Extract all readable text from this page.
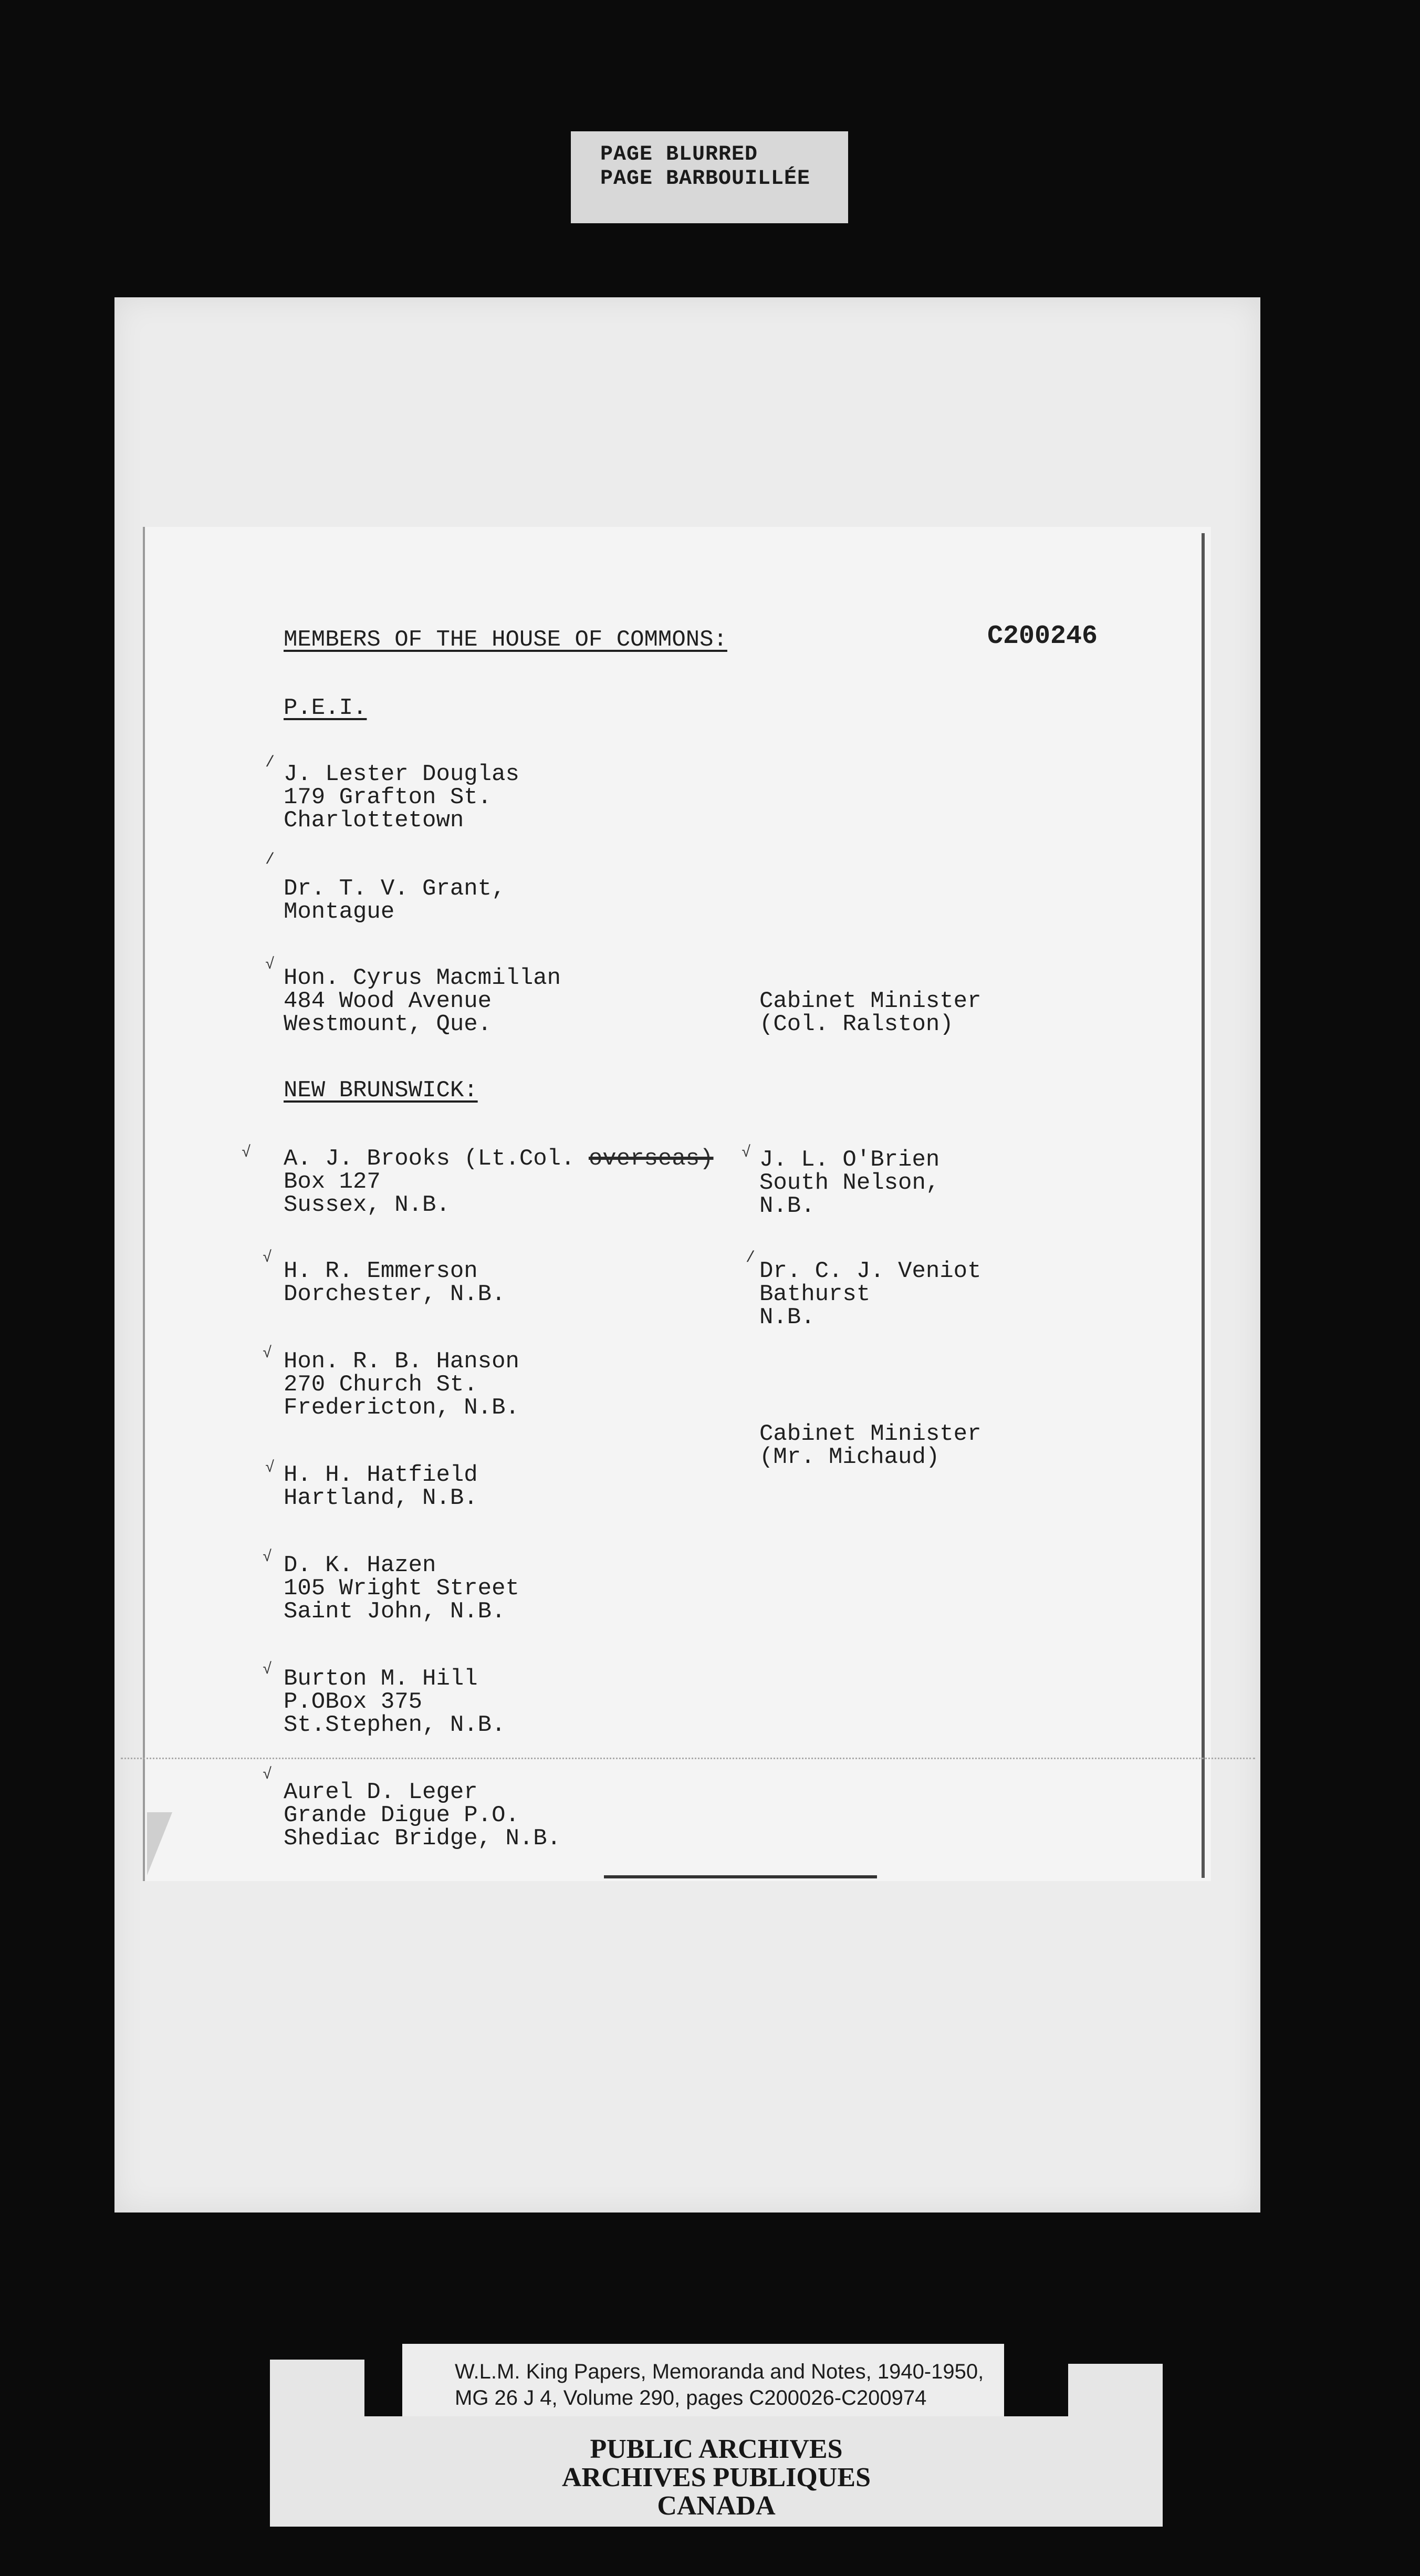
PAGE BLURRED
PAGE BARBOUILLÉE
MEMBERS OF THE HOUSE OF COMMONS:	C200246
P.E.I.
/ J. Lester Douglas
179 Grafton St.
Charlottetown
/
Dr. T. V. Grant,
Montague
√ Hon. Cyrus Macmillan
484 Wood Avenue
Westmount, Que.
Cabinet Minister
(Col. Ralston)
NEW BRUNSWICK:
√ A. J. Brooks (Lt.Col. overseas)
Box 127
Sussex, N.B.
√ J. L. O'Brien
South Nelson,
N.B.
√ H. R. Emmerson
Dorchester, N.B.
/ Dr. C. J. Veniot
Bathurst
N.B.
√ Hon. R. B. Hanson
270 Church St.
Fredericton, N.B.
Cabinet Minister
(Mr. Michaud)
√ H. H. Hatfield
Hartland, N.B.
√ D. K. Hazen
105 Wright Street
Saint John, N.B.
√ Burton M. Hill
P.OBox 375
St.Stephen, N.B.
√
Aurel D. Leger
Grande Digue P.O.
Shediac Bridge, N.B.
W.L.M. King Papers, Memoranda and Notes, 1940-1950,
MG 26 J 4, Volume 290, pages C200026-C200974
PUBLIC ARCHIVES
ARCHIVES PUBLIQUES
CANADA
